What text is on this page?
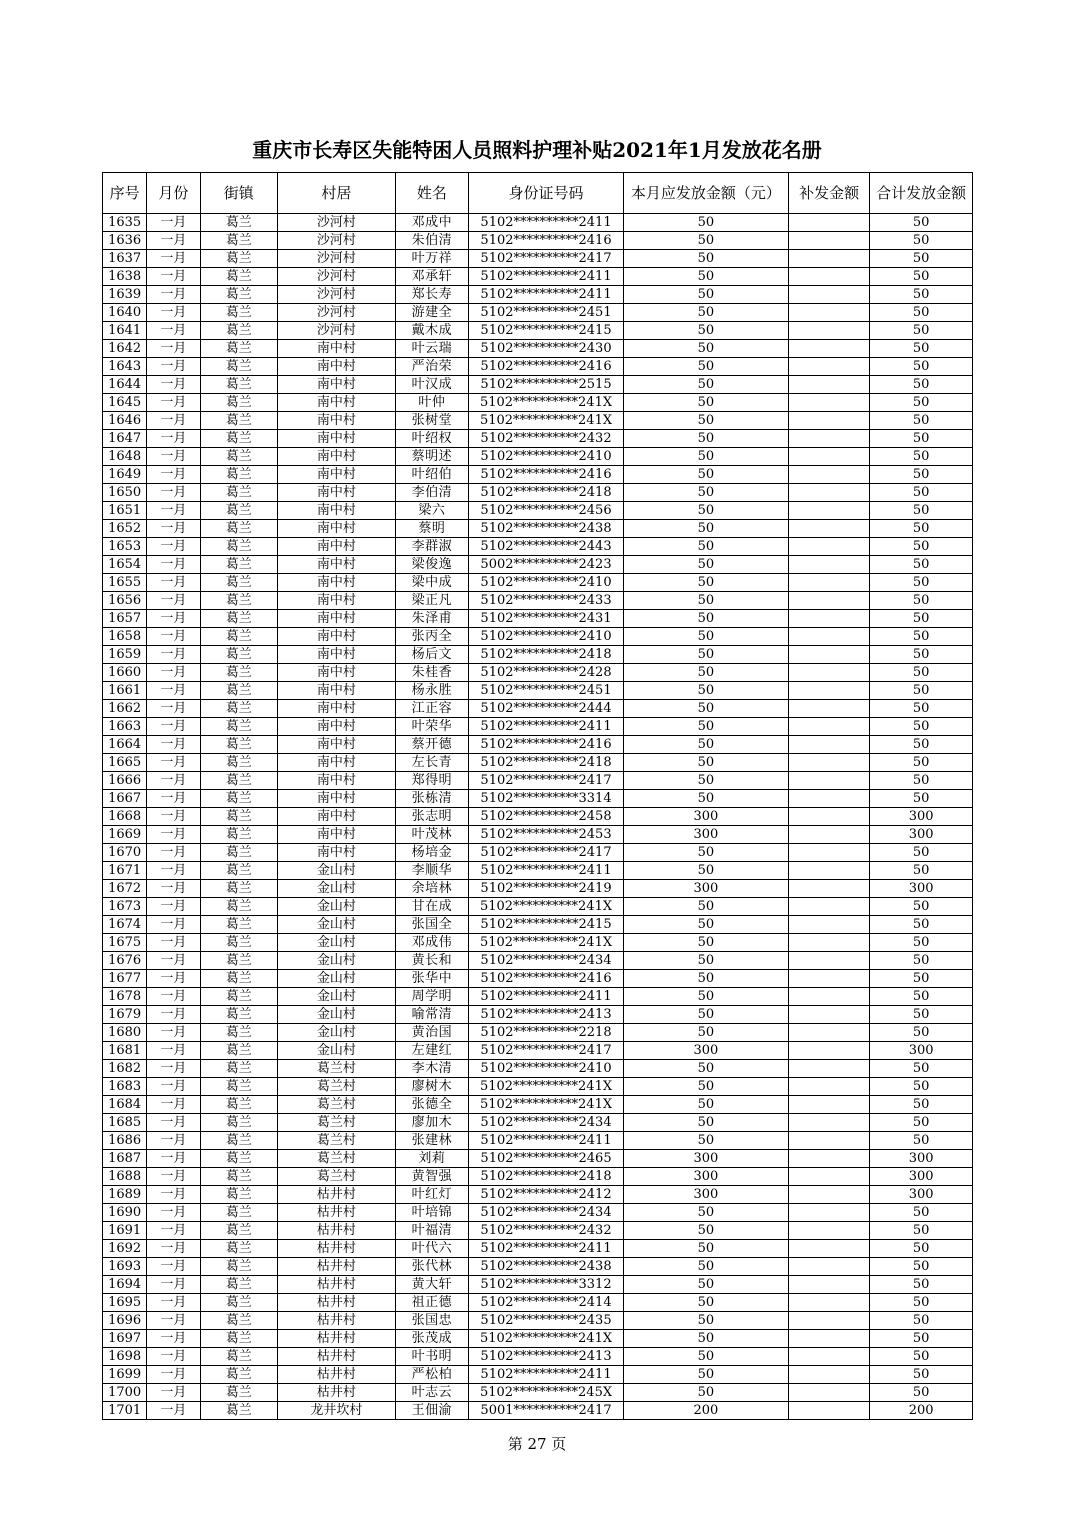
重庆市长寿区失能特困人员照料护理补贴2021年1月发放花名册
序号	月份	街镇	村居	姓名	身份证号码	本月应发放金额（元）	补发金额	合计发放金额
1635	一月	葛兰	沙河村	邓成中	5102**********2411	50		50
1636	一月	葛兰	沙河村	朱伯清	5102**********2416	50		50
1637	一月	葛兰	沙河村	叶万祥	5102**********2417	50		50
1638	一月	葛兰	沙河村	邓承轩	5102**********2411	50		50
1639	一月	葛兰	沙河村	郑长寿	5102**********2411	50		50
1640	一月	葛兰	沙河村	游建全	5102**********2451	50		50
1641	一月	葛兰	沙河村	戴木成	5102**********2415	50		50
1642	一月	葛兰	南中村	叶云瑞	5102**********2430	50		50
1643	一月	葛兰	南中村	严治荣	5102**********2416	50		50
1644	一月	葛兰	南中村	叶汉成	5102**********2515	50		50
1645	一月	葛兰	南中村	叶仲	5102**********241X	50		50
1646	一月	葛兰	南中村	张树堂	5102**********241X	50		50
1647	一月	葛兰	南中村	叶绍权	5102**********2432	50		50
1648	一月	葛兰	南中村	蔡明述	5102**********2410	50		50
1649	一月	葛兰	南中村	叶绍伯	5102**********2416	50		50
1650	一月	葛兰	南中村	李伯清	5102**********2418	50		50
1651	一月	葛兰	南中村	梁六	5102**********2456	50		50
1652	一月	葛兰	南中村	蔡明	5102**********2438	50		50
1653	一月	葛兰	南中村	李群淑	5102**********2443	50		50
1654	一月	葛兰	南中村	梁俊逸	5002**********2423	50		50
1655	一月	葛兰	南中村	梁中成	5102**********2410	50		50
1656	一月	葛兰	南中村	梁正凡	5102**********2433	50		50
1657	一月	葛兰	南中村	朱泽甫	5102**********2431	50		50
1658	一月	葛兰	南中村	张丙全	5102**********2410	50		50
1659	一月	葛兰	南中村	杨后文	5102**********2418	50		50
1660	一月	葛兰	南中村	朱桂香	5102**********2428	50		50
1661	一月	葛兰	南中村	杨永胜	5102**********2451	50		50
1662	一月	葛兰	南中村	江正容	5102**********2444	50		50
1663	一月	葛兰	南中村	叶荣华	5102**********2411	50		50
1664	一月	葛兰	南中村	蔡开德	5102**********2416	50		50
1665	一月	葛兰	南中村	左长青	5102**********2418	50		50
1666	一月	葛兰	南中村	郑得明	5102**********2417	50		50
1667	一月	葛兰	南中村	张栋清	5102**********3314	50		50
1668	一月	葛兰	南中村	张志明	5102**********2458	300		300
1669	一月	葛兰	南中村	叶茂林	5102**********2453	300		300
1670	一月	葛兰	南中村	杨培金	5102**********2417	50		50
1671	一月	葛兰	金山村	李顺华	5102**********2411	50		50
1672	一月	葛兰	金山村	余培林	5102**********2419	300		300
1673	一月	葛兰	金山村	甘在成	5102**********241X	50		50
1674	一月	葛兰	金山村	张国全	5102**********2415	50		50
1675	一月	葛兰	金山村	邓成伟	5102**********241X	50		50
1676	一月	葛兰	金山村	黄长和	5102**********2434	50		50
1677	一月	葛兰	金山村	张华中	5102**********2416	50		50
1678	一月	葛兰	金山村	周学明	5102**********2411	50		50
1679	一月	葛兰	金山村	喻常清	5102**********2413	50		50
1680	一月	葛兰	金山村	黄治国	5102**********2218	50		50
1681	一月	葛兰	金山村	左建红	5102**********2417	300		300
1682	一月	葛兰	葛兰村	李木清	5102**********2410	50		50
1683	一月	葛兰	葛兰村	廖树木	5102**********241X	50		50
1684	一月	葛兰	葛兰村	张德全	5102**********241X	50		50
1685	一月	葛兰	葛兰村	廖加木	5102**********2434	50		50
1686	一月	葛兰	葛兰村	张建林	5102**********2411	50		50
1687	一月	葛兰	葛兰村	刘莉	5102**********2465	300		300
1688	一月	葛兰	葛兰村	黄智强	5102**********2418	300		300
1689	一月	葛兰	枯井村	叶红灯	5102**********2412	300		300
1690	一月	葛兰	枯井村	叶培锦	5102**********2434	50		50
1691	一月	葛兰	枯井村	叶福清	5102**********2432	50		50
1692	一月	葛兰	枯井村	叶代六	5102**********2411	50		50
1693	一月	葛兰	枯井村	张代林	5102**********2438	50		50
1694	一月	葛兰	枯井村	黄大轩	5102**********3312	50		50
1695	一月	葛兰	枯井村	祖正德	5102**********2414	50		50
1696	一月	葛兰	枯井村	张国忠	5102**********2435	50		50
1697	一月	葛兰	枯井村	张茂成	5102**********241X	50		50
1698	一月	葛兰	枯井村	叶书明	5102**********2413	50		50
1699	一月	葛兰	枯井村	严松柏	5102**********2411	50		50
1700	一月	葛兰	枯井村	叶志云	5102**********245X	50		50
1701	一月	葛兰	龙井坎村	王佃渝	5001**********2417	200		200
第 27 页
